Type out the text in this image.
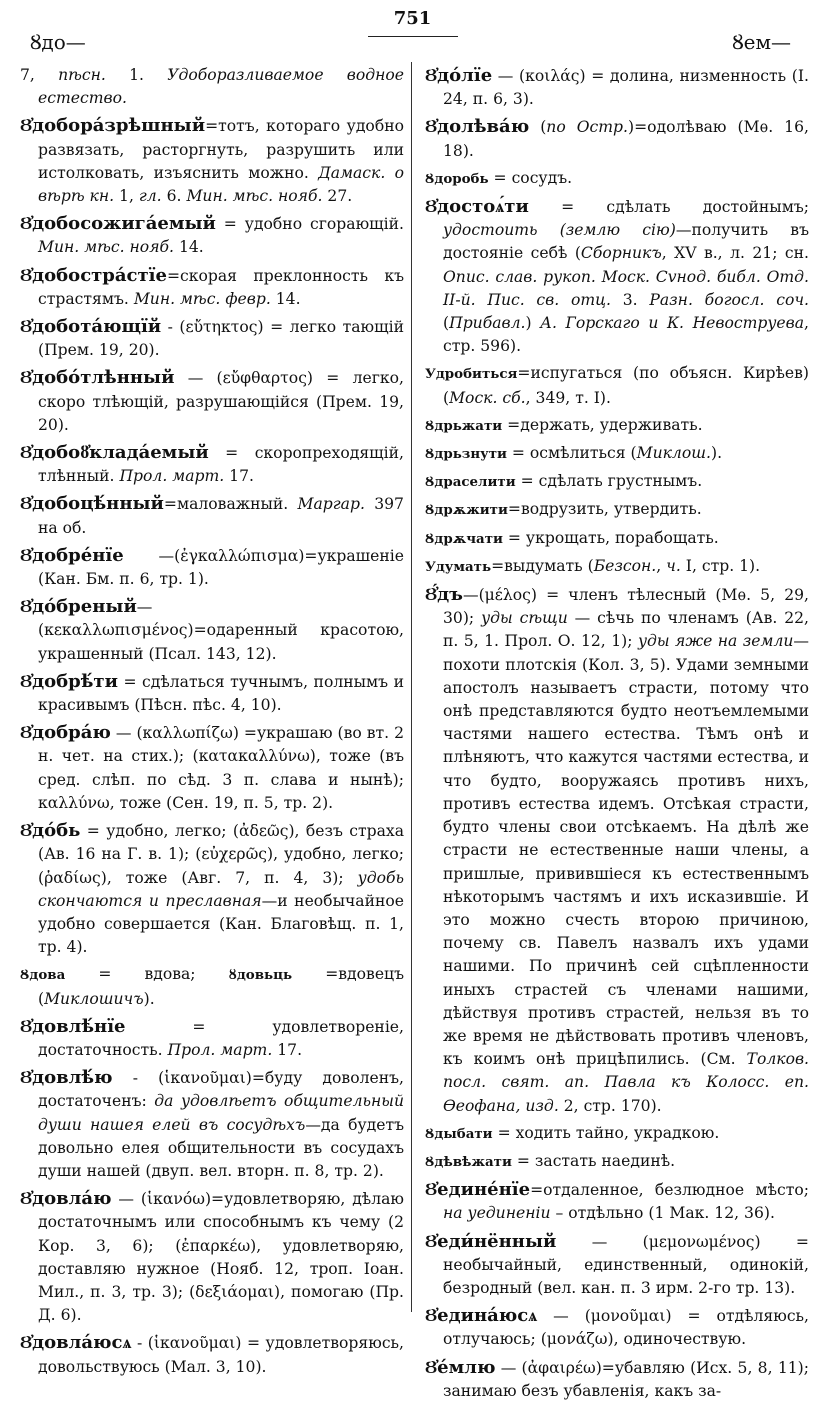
Ȣдо—
751
Ȣем—

7, пѣсн. 1. Удоборазливаемое водное естество.

Ȣ҆добора́зрѣшный=тотъ, котораго удобно развязать, расторгнуть, разрушить или истолковать, изъяснить можно. Дамаск. о вѣрѣ кн. 1, гл. 6. Мин. мѣс. нояб. 27.

Ȣ҆добосожига́емый = удобно сгорающій. Мин. мѣс. нояб. 14.

Ȣ҆добостра́стїе=скорая преклонность къ страстямъ. Мин. мѣс. февр. 14.

Ȣ҆добота́ющїй - (εὔτηκτος) = легко тающій (Прем. 19, 20).

Ȣ҆добо́тлѣнный — (εὔφθαρτος) = легко, скоро тлѣющій, разрушающійся (Прем. 19, 20).

Ȣ҆добоȣ҆клада́емый = скоропреходящій, тлѣнный. Прол. март. 17.

Ȣ҆добоцѣ́нный=маловажный. Маргар. 397 на об.

Ȣ҆добре́нїе —(ἐγκαλλώπισμα)=украшеніе (Кан. Бм. п. 6, тр. 1).

Ȣ҆до́бреный—(κεκαλλωπισμένος)=одаренный красотою, украшенный (Псал. 143, 12).

Ȣ҆добрѣ́ти = сдѣлаться тучнымъ, полнымъ и красивымъ (Пѣсн. пѣс. 4, 10).

Ȣ҆добра́ю — (καλλωπίζω) =украшаю (во вт. 2 н. чет. на стих.); (κατακαλλύνω), тоже (въ сред. слѣп. по сѣд. 3 п. слава и нынѣ); καλλύνω, тоже (Сен. 19, п. 5, тр. 2).

Ȣ҆до́бь = удобно, легко; (ἀδεῶς), безъ страха (Ав. 16 на Г. в. 1); (εὐχερῶς), удобно, легко; (ῥαδίως), тоже (Авг. 7, п. 4, 3); удобь скончаются и преславная—и необычайное удобно совершается (Кан. Благовѣщ. п. 1, тр. 4).

Ȣдова = вдова; ȣдовьць =вдовецъ (Миклошичъ).

Ȣ҆довлѣ́нїе = удовлетвореніе, достаточность. Прол. март. 17.

Ȣ҆довлѣ́ю - (ἱκανοῦμαι)=буду доволенъ, достаточенъ: да удовлѣетъ общительный души нашея елей въ сосудѣхъ—да будетъ довольно елея общительности въ сосудахъ души нашей (двуп. вел. вторн. п. 8, тр. 2).

Ȣ҆довла́ю — (ἱκανόω)=удовлетворяю, дѣлаю достаточнымъ или способнымъ къ чему (2 Кор. 3, 6); (ἐπαρκέω), удовлетворяю, доставляю нужное (Нояб. 12, троп. Іоан. Мил., п. 3, тр. 3); (δεξιάομαι), помогаю (Пр. Д. 6).

Ȣ҆довла́юсѧ - (ἱκανοῦμαι) = удовлетворяюсь, довольствуюсь (Мал. 3, 10).

Ȣ҆до́лїе — (κοιλάς) = долина, низменность (І. 24, п. 6, 3).

Ȣ҆долѣва́ю (по Остр.)=одолѣваю (Мѳ. 16, 18).

Ȣдоробь = сосудъ.

Ȣ҆достоѧ́ти = сдѣлать достойнымъ; удостоить (землю сію)—получить въ достояніе себѣ (Сборникъ, XV в., л. 21; сн. Опис. слав. рукоп. Моск. Сvнод. библ. Отд. II-й. Пис. св. отц. 3. Разн. богосл. соч. (Прибавл.) А. Горскаго и К. Невоструева, стр. 596).

Удробиться=испугаться (по объясн. Кирѣев) (Моск. сб., 349, т. I).

Ȣдрьжати =держать, удерживать.

Ȣдрьзнути = осмѣлиться (Миклош.).

Ȣдраселити = сдѣлать грустнымъ.

Ȣдрѫжити=водрузить, утвердить.

Ȣдрѫчати = укрощать, порабощать.

Удумать=выдумать (Безсон., ч. I, стр. 1).

Ȣ҆́дъ—(μέλος) = членъ тѣлесный (Мѳ. 5, 29, 30); уды сѣщи — сѣчь по членамъ (Ав. 22, п. 5, 1. Прол. О. 12, 1); уды яже на земли—похоти плотскія (Кол. 3, 5). Удами земными апостолъ называетъ страсти, потому что онѣ представляются будто неотъемлемыми частями нашего естества. Тѣмъ онѣ и плѣняютъ, что кажутся частями естества, и что будто, вооружаясь противъ нихъ, противъ естества идемъ. Отсѣкая страсти, будто члены свои отсѣкаемъ. На дѣлѣ же страсти не естественные наши члены, а пришлые, привившіеся къ естественнымъ нѣкоторымъ частямъ и ихъ исказившіе. И это можно счесть второю причиною, почему св. Павелъ назвалъ ихъ удами нашими. По причинѣ сей сцѣпленности иныхъ страстей съ членами нашими, дѣйствуя противъ страстей, нельзя въ то же время не дѣйствовать противъ членовъ, къ коимъ онѣ прицѣпились. (См. Толков. посл. свят. ап. Павла къ Колосс. еп. Ѳеофана, изд. 2, стр. 170).

Ȣдыбати = ходить тайно, украдкою.

Ȣдѣвѣжати = застать наединѣ.

Ȣ҆едине́нїе=отдаленное, безлюдное мѣсто; на уединеніи – отдѣльно (1 Мак. 12, 36).

Ȣ҆еди́нённый — (μεμονωμένος) = необычайный, единственный, одинокій, безродный (вел. кан. п. 3 ирм. 2-го тр. 13).

Ȣ҆едина́юсѧ — (μονοῦμαι) = отдѣляюсь, отлучаюсь; (μονάζω), одиночествую.

Ȣ҆е́млю — (ἀφαιρέω)=убавляю (Исх. 5, 8, 11); занимаю безъ убавленія, какъ за-
